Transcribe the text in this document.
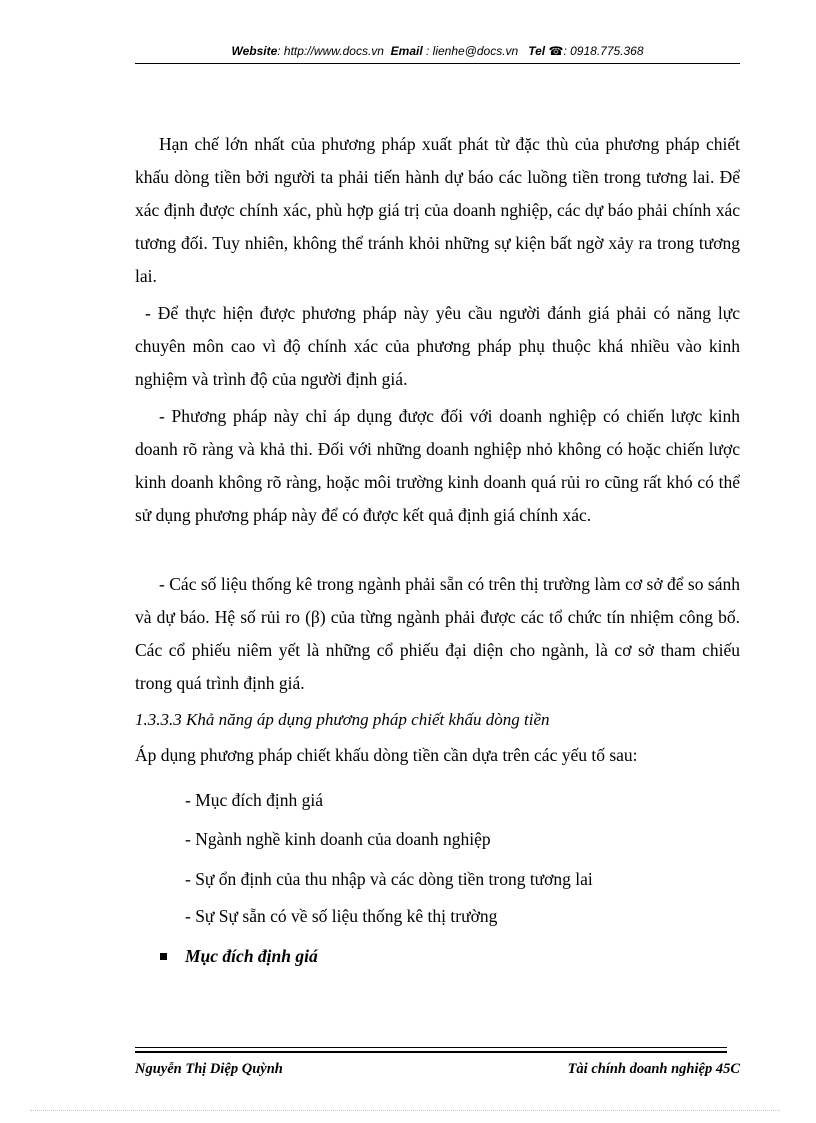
Website: http://www.docs.vn Email : lienhe@docs.vn Tel ☎: 0918.775.368
Hạn chế lớn nhất của phương pháp xuất phát từ đặc thù của phương pháp chiết khấu dòng tiền bởi người ta phải tiến hành dự báo các luồng tiền trong tương lai. Để xác định được chính xác, phù hợp giá trị của doanh nghiệp, các dự báo phải chính xác tương đối. Tuy nhiên, không thể tránh khỏi những sự kiện bất ngờ xảy ra trong tương lai.
- Để thực hiện được phương pháp này yêu cầu người đánh giá phải có năng lực chuyên môn cao vì độ chính xác của phương pháp phụ thuộc khá nhiều vào kinh nghiệm và trình độ của người định giá.
- Phương pháp này chỉ áp dụng được đối với doanh nghiệp có chiến lược kinh doanh rõ ràng và khả thi. Đối với những doanh nghiệp nhỏ không có hoặc chiến lược kinh doanh không rõ ràng, hoặc môi trường kinh doanh quá rủi ro cũng rất khó có thể sử dụng phương pháp này để có được kết quả định giá chính xác.
- Các số liệu thống kê trong ngành phải sẵn có trên thị trường làm cơ sở để so sánh và dự báo. Hệ số rủi ro (β) của từng ngành phải được các tổ chức tín nhiệm công bố. Các cổ phiếu niêm yết là những cổ phiếu đại diện cho ngành, là cơ sở tham chiếu trong quá trình định giá.
1.3.3.3 Khả năng áp dụng phương pháp chiết khấu dòng tiền
Áp dụng phương pháp chiết khấu dòng tiền cần dựa trên các yếu tố sau:
- Mục đích định giá
- Ngành nghề kinh doanh của doanh nghiệp
- Sự ổn định của thu nhập và các dòng tiền trong tương lai
- Sự Sự sẵn có về số liệu thống kê thị trường
Mục đích định giá
Nguyễn Thị Diệp Quỳnh	Tài chính doanh nghiệp 45C
